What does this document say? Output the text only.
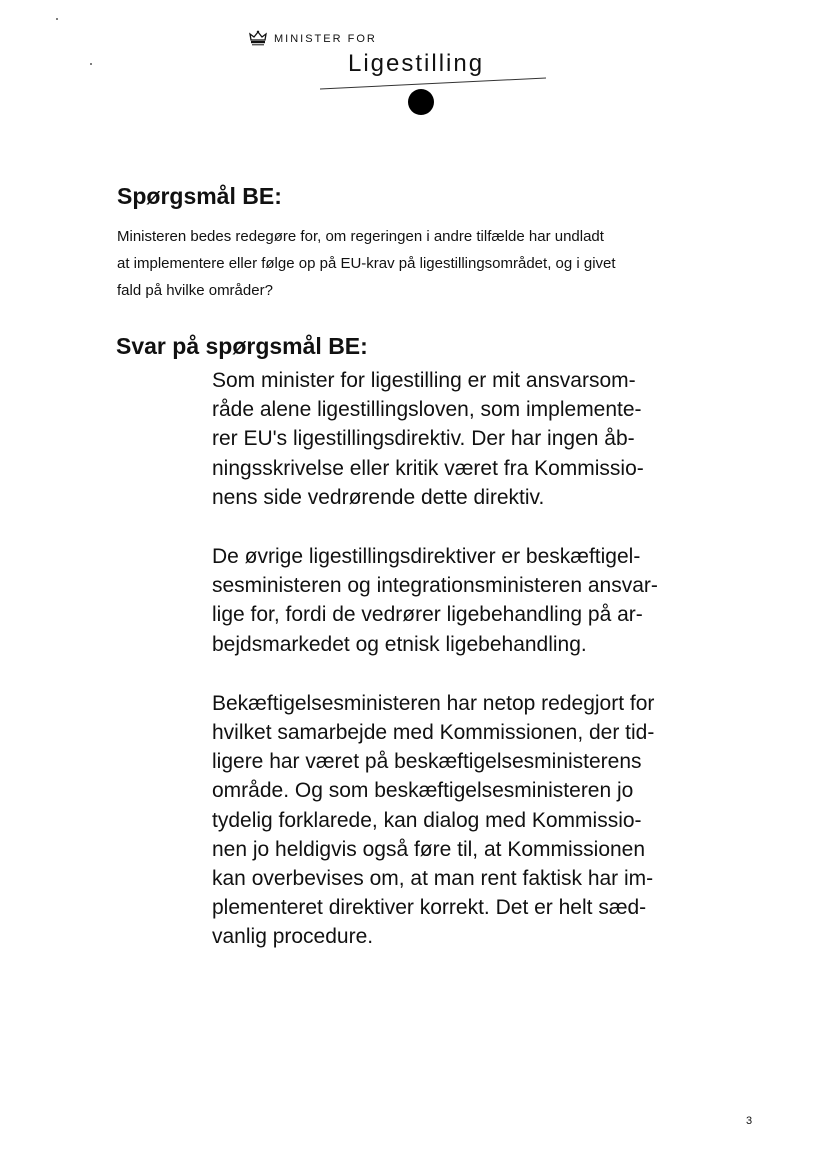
MINISTER FOR
Ligestilling
Spørgsmål BE:
Ministeren bedes redegøre for, om regeringen i andre tilfælde har undladt
at implementere eller følge op på EU-krav på ligestillingsområdet, og i givet
fald på hvilke områder?
Svar på spørgsmål BE:

Som minister for ligestilling er mit ansvarsom-
råde alene ligestillingsloven, som implemente-
rer EU's ligestillingsdirektiv. Der har ingen åb-
ningsskrivelse eller kritik været fra Kommissio-
nens side vedrørende dette direktiv.

De øvrige ligestillingsdirektiver er beskæftigel-
sesministeren og integrationsministeren ansvar-
lige for, fordi de vedrører ligebehandling på ar-
bejdsmarkedet og etnisk ligebehandling.

Bekæftigelsesministeren har netop redegjort for
hvilket samarbejde med Kommissionen, der tid-
ligere har været på beskæftigelsesministerens
område. Og som beskæftigelsesministeren jo
tydelig forklarede, kan dialog med Kommissio-
nen jo heldigvis også føre til, at Kommissionen
kan overbevises om, at man rent faktisk har im-
plementeret direktiver korrekt. Det er helt sæd-
vanlig procedure.

3
